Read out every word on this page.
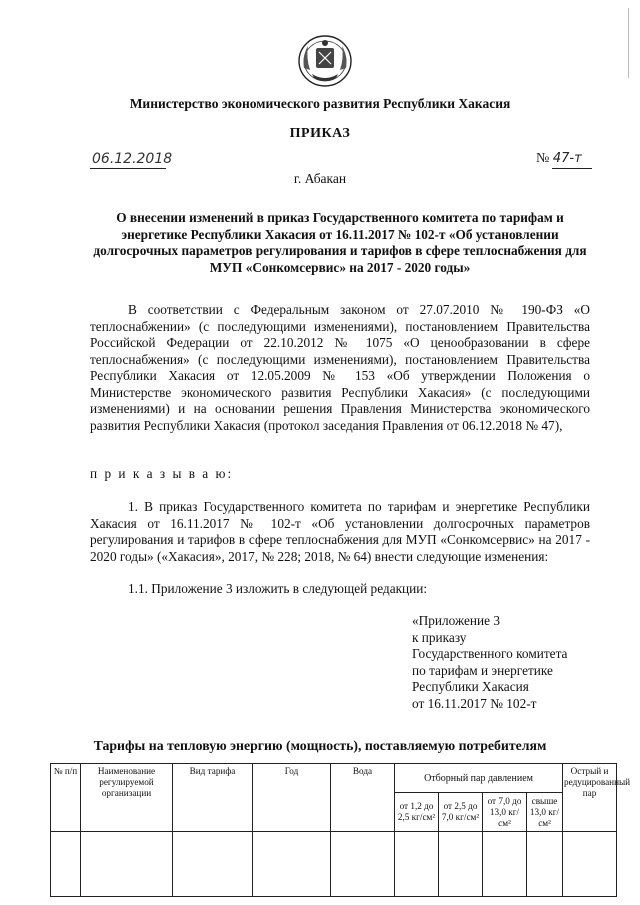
Министерство экономического развития Республики Хакасия
ПРИКАЗ
06.12.2018	№ 47-т
г. Абакан
О внесении изменений в приказ Государственного комитета по тарифам и энергетике Республики Хакасия от 16.11.2017 № 102-т «Об установлении долгосрочных параметров регулирования и тарифов в сфере теплоснабжения для МУП «Сонкомсервис» на 2017 - 2020 годы»
В соответствии с Федеральным законом от 27.07.2010 № 190-ФЗ «О теплоснабжении» (с последующими изменениями), постановлением Правительства Российской Федерации от 22.10.2012 № 1075 «О ценообразовании в сфере теплоснабжения» (с последующими изменениями), постановлением Правительства Республики Хакасия от 12.05.2009 № 153 «Об утверждении Положения о Министерстве экономического развития Республики Хакасия» (с последующими изменениями) и на основании решения Правления Министерства экономического развития Республики Хакасия (протокол заседания Правления от 06.12.2018 № 47),
п р и к а з ы в а ю:
1. В приказ Государственного комитета по тарифам и энергетике Республики Хакасия от 16.11.2017 № 102-т «Об установлении долгосрочных параметров регулирования и тарифов в сфере теплоснабжения для МУП «Сонкомсервис» на 2017 - 2020 годы» («Хакасия», 2017, № 228; 2018, № 64) внести следующие изменения:
1.1. Приложение 3 изложить в следующей редакции:
«Приложение 3
к приказу
Государственного комитета
по тарифам и энергетике
Республики Хакасия
от 16.11.2017 № 102-т
Тарифы на тепловую энергию (мощность), поставляемую потребителям
№ п/п	Наименование регулируемой организации	Вид тарифа	Год	Вода	Отборный пар давлением				Острый и редуцированный пар
					от 1,2 до 2,5 кг/см²	от 2,5 до 7,0 кг/см²	от 7,0 до 13,0 кг/см²	свыше 13,0 кг/см²	
